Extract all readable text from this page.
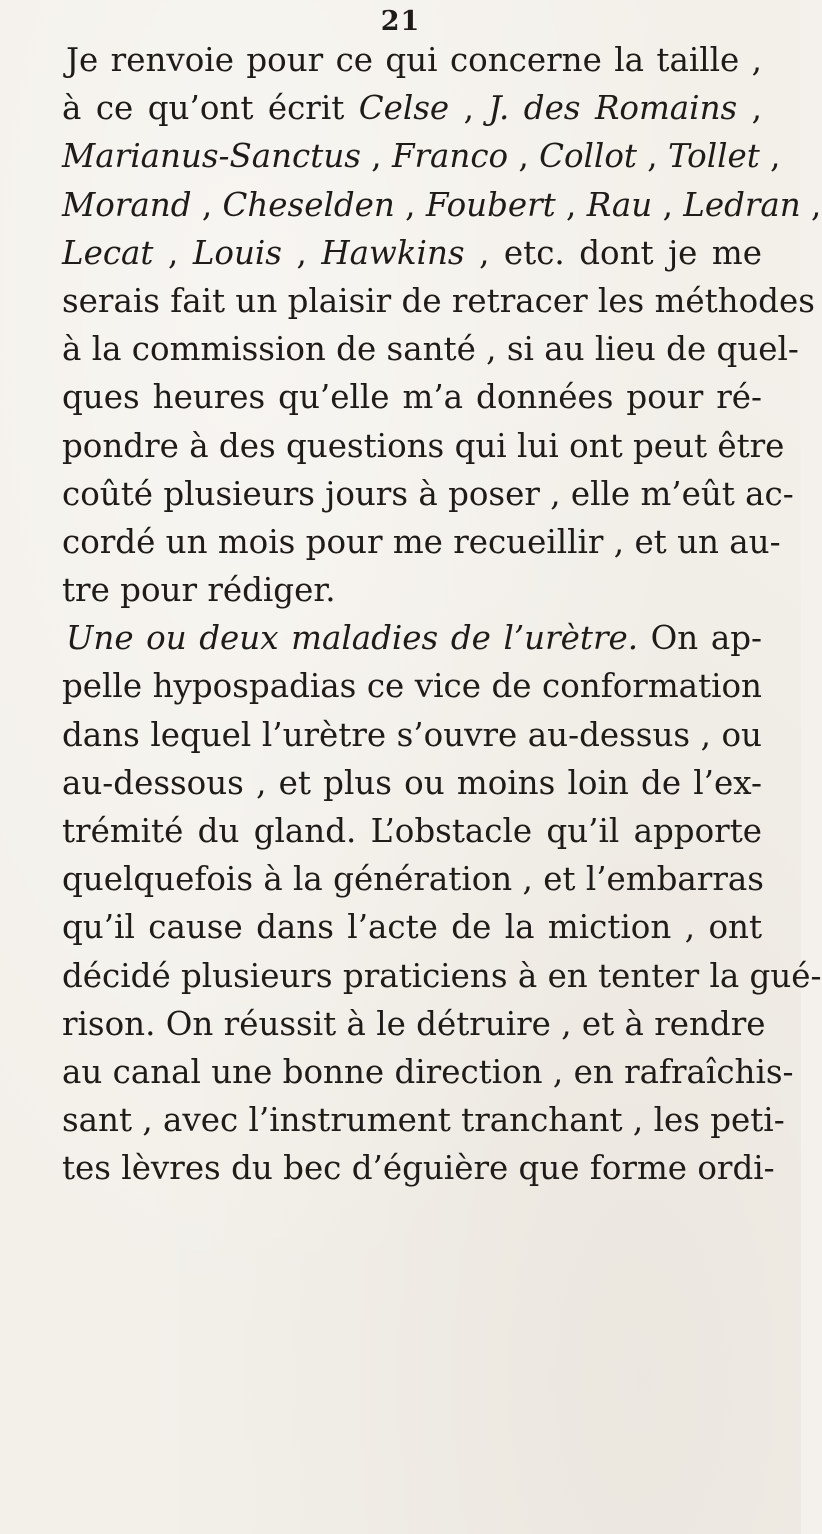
21
Je renvoie pour ce qui concerne la taille ,
à ce qu’ont écrit Celse , J. des Romains ,
Marianus-Sanctus , Franco , Collot , Tollet ,
Morand , Cheselden , Foubert , Rau , Ledran ,
Lecat , Louis , Hawkins , etc. dont je me
serais fait un plaisir de retracer les méthodes
à la commission de santé , si au lieu de quel-
ques heures qu’elle m’a données pour ré-
pondre à des questions qui lui ont peut être
coûté plusieurs jours à poser , elle m’eût ac-
cordé un mois pour me recueillir , et un au-
tre pour rédiger.
Une ou deux maladies de l’urètre. On ap-
pelle hypospadias ce vice de conformation
dans lequel l’urètre s’ouvre au-dessus , ou
au-dessous , et plus ou moins loin de l’ex-
trémité du gland. L’obstacle qu’il apporte
quelquefois à la génération , et l’embarras
qu’il cause dans l’acte de la miction , ont
décidé plusieurs praticiens à en tenter la gué-
rison. On réussit à le détruire , et à rendre
au canal une bonne direction , en rafraîchis-
sant , avec l’instrument tranchant , les peti-
tes lèvres du bec d’éguière que forme ordi-
